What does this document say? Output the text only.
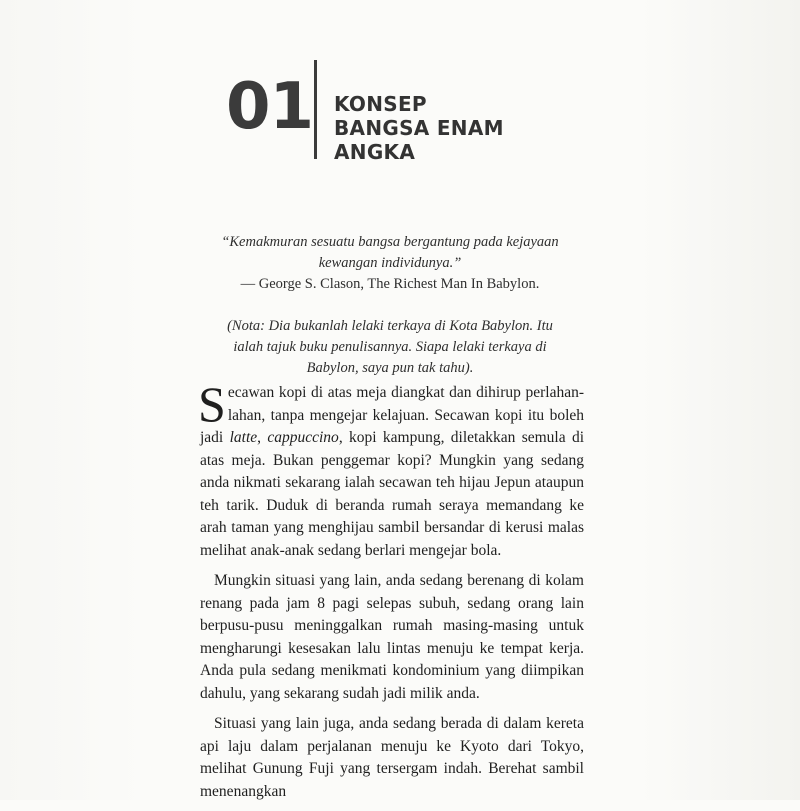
01 KONSEP BANGSA ENAM ANGKA

“Kemakmuran sesuatu bangsa bergantung pada kejayaan kewangan individunya.”

— George S. Clason, The Richest Man In Babylon.

(Nota: Dia bukanlah lelaki terkaya di Kota Babylon. Itu ialah tajuk buku penulisannya. Siapa lelaki terkaya di Babylon, saya pun tak tahu).

Secawan kopi di atas meja diangkat dan dihirup perlahan-lahan, tanpa mengejar kelajuan. Secawan kopi itu boleh jadi latte, cappuccino, kopi kampung, diletakkan semula di atas meja. Bukan penggemar kopi? Mungkin yang sedang anda nikmati sekarang ialah secawan teh hijau Jepun ataupun teh tarik. Duduk di beranda rumah seraya memandang ke arah taman yang menghijau sambil bersandar di kerusi malas melihat anak-anak sedang berlari mengejar bola.

Mungkin situasi yang lain, anda sedang berenang di kolam renang pada jam 8 pagi selepas subuh, sedang orang lain berpusu-pusu meninggalkan rumah masing-masing untuk mengharungi kesesakan lalu lintas menuju ke tempat kerja. Anda pula sedang menikmati kondominium yang diimpikan dahulu, yang sekarang sudah jadi milik anda.

Situasi yang lain juga, anda sedang berada di dalam kereta api laju dalam perjalanan menuju ke Kyoto dari Tokyo, melihat Gunung Fuji yang tersergam indah. Berehat sambil menenangkan
